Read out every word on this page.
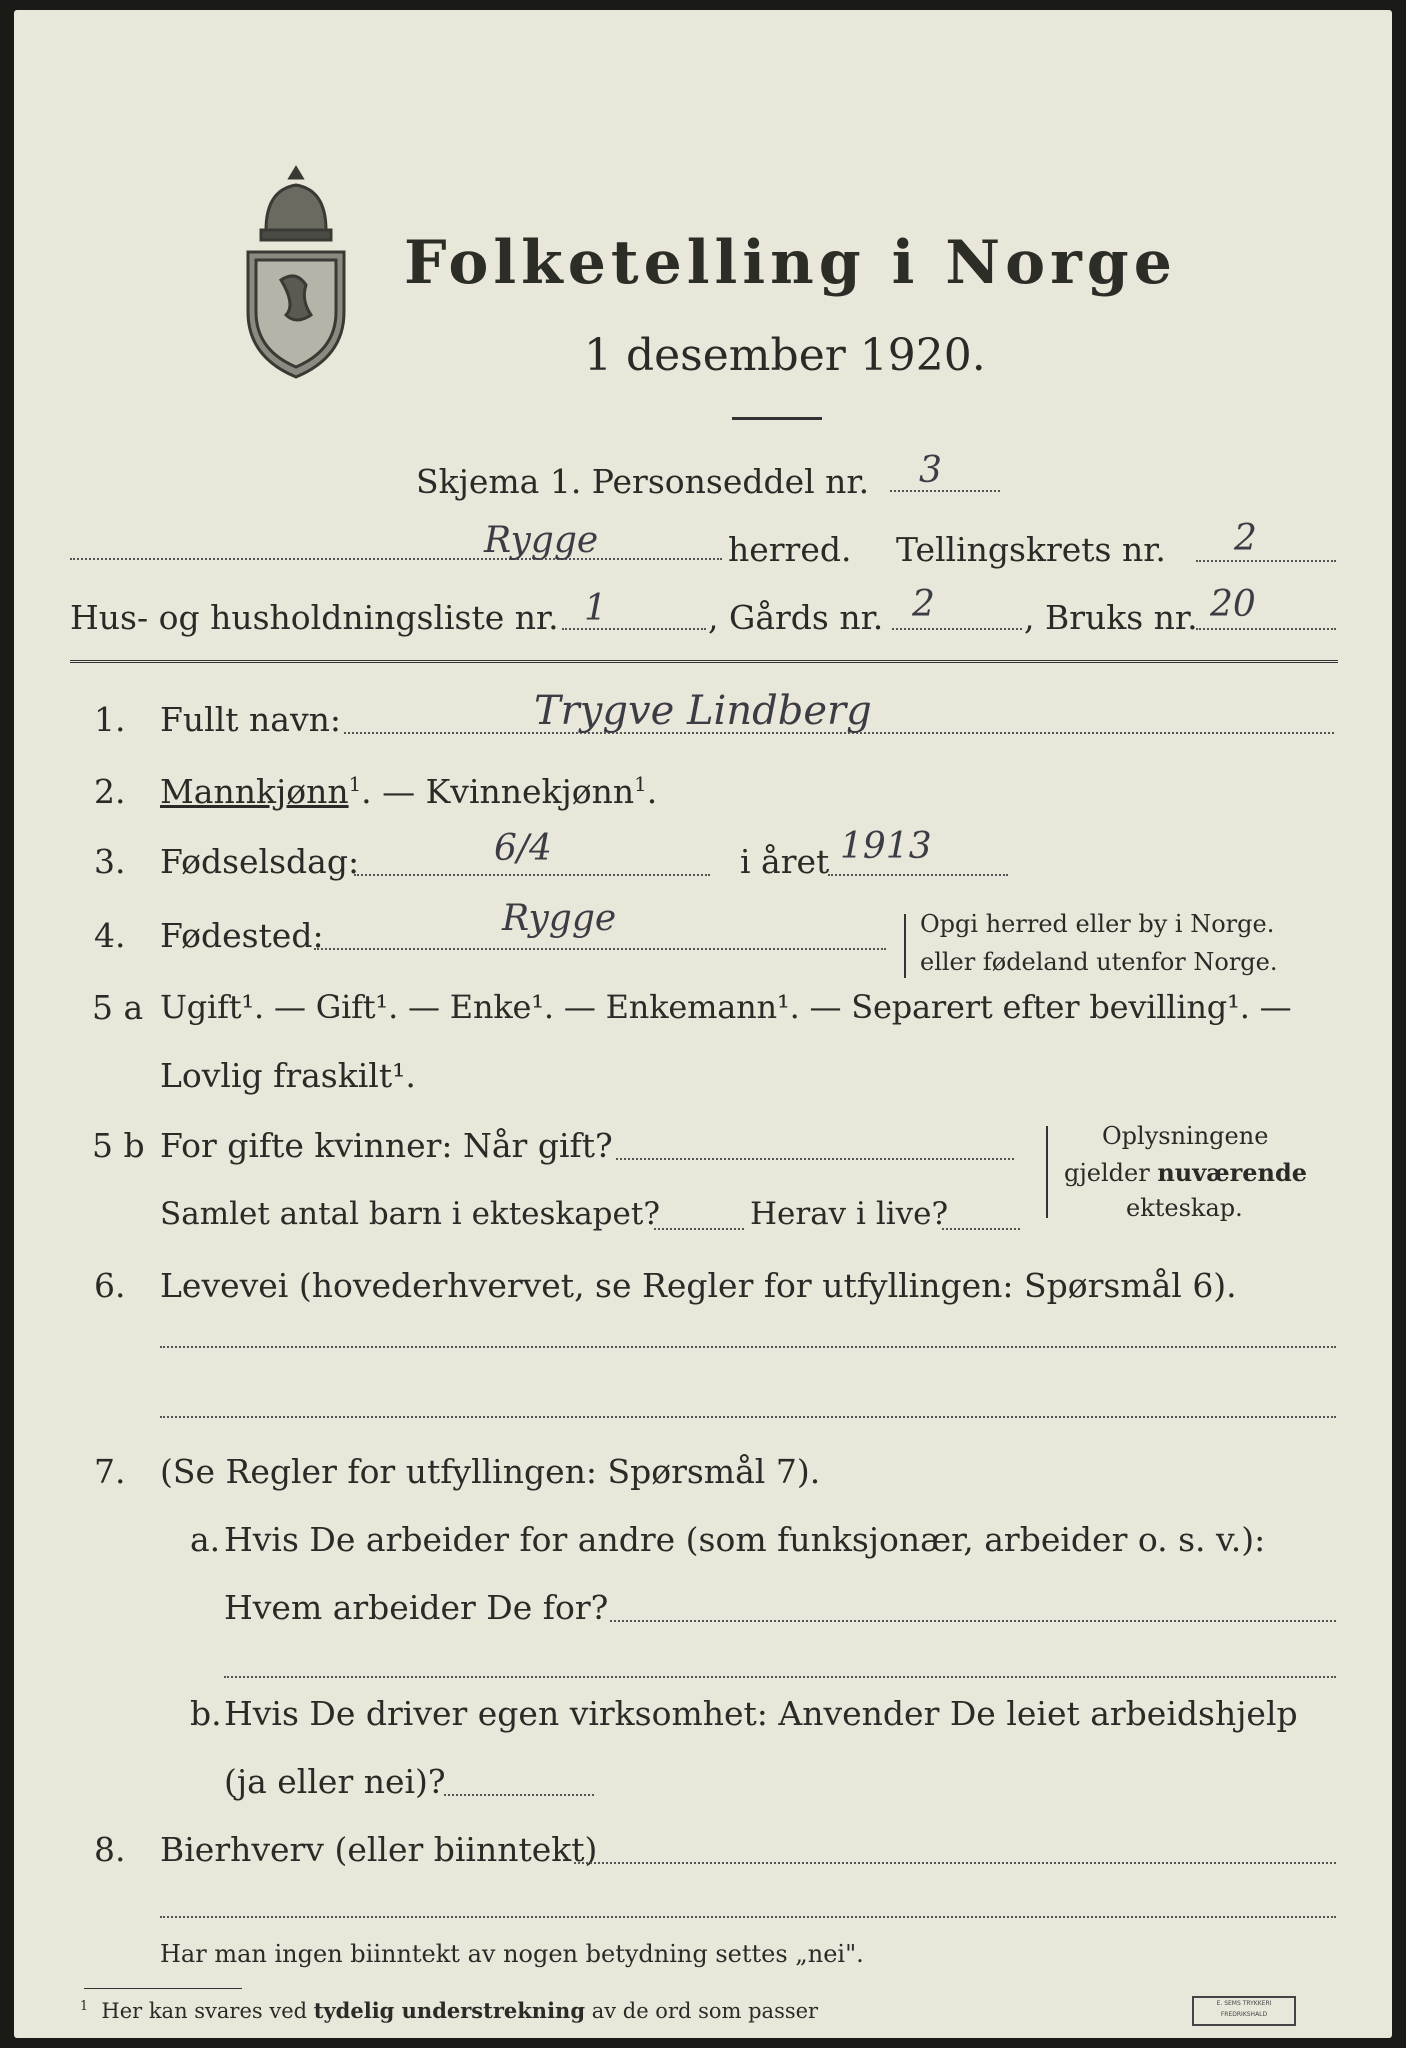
Folketelling i Norge
1 desember 1920.
Skjema 1. Personseddel nr. 3
Rygge	herred. Tellingskrets nr. 2
Hus- og husholdningsliste nr. 1	, Gårds nr. 2	, Bruks nr. 20
1. Fullt navn:	Trygve Lindberg
2. Mannkjønn$^1$. — Kvinnekjønn$^1$.
3. Fødselsdag:	6/4	i året 1913
4. Fødested:	Rygge	Opgi herred eller by i Norge.
eller fødeland utenfor Norge.
5 a Ugift¹. — Gift¹. — Enke¹. — Enkemann¹. — Separert efter bevilling¹. —
Lovlig fraskilt¹.
5 b For gifte kvinner: Når gift?
Samlet antal barn i ekteskapet?	Herav i live?
Oplysningene
gjelder nuværende
ekteskap.
6. Levevei (hovederhvervet, se Regler for utfyllingen: Spørsmål 6).
7. (Se Regler for utfyllingen: Spørsmål 7).
a. Hvis De arbeider for andre (som funksjonær, arbeider o. s. v.):
Hvem arbeider De for?
b. Hvis De driver egen virksomhet: Anvender De leiet arbeidshjelp
(ja eller nei)?
8. Bierhverv (eller biinntekt)
Har man ingen biinntekt av nogen betydning settes „nei".
$^1$ Her kan svares ved tydelig understrekning av de ord som passer	E. SEMS TRYKKERI FREDRIKSHALD
